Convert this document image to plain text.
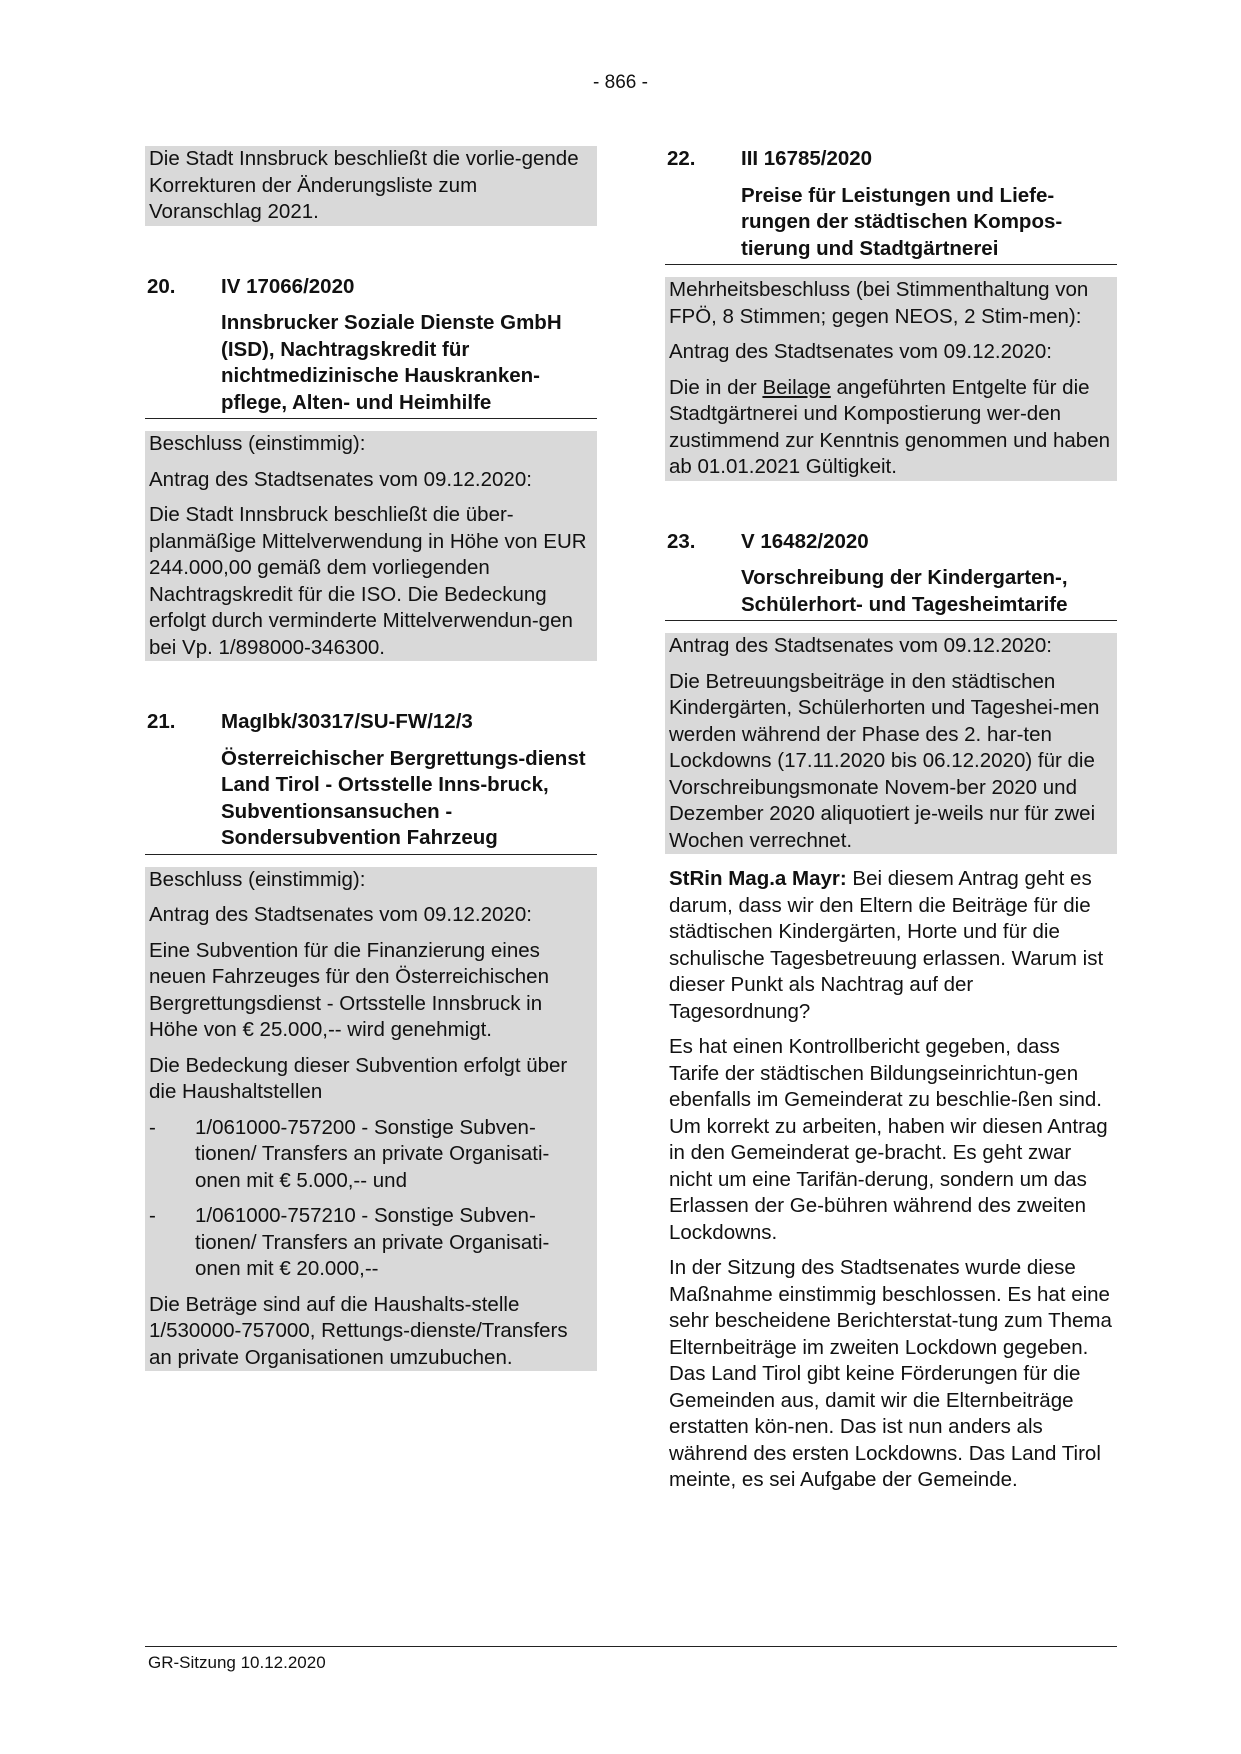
- 866 -

Die Stadt Innsbruck beschließt die vorlie-gende Korrekturen der Änderungsliste zum Voranschlag 2021.

20.	IV 17066/2020
Innsbrucker Soziale Dienste GmbH (ISD), Nachtragskredit für nichtmedizinische Hauskranken-pflege, Alten- und Heimhilfe

Beschluss (einstimmig):

Antrag des Stadtsenates vom 09.12.2020:

Die Stadt Innsbruck beschließt die über-planmäßige Mittelverwendung in Höhe von EUR 244.000,00 gemäß dem vorliegenden Nachtragskredit für die ISO. Die Bedeckung erfolgt durch verminderte Mittelverwendun-gen bei Vp. 1/898000-346300.

21.	MagIbk/30317/SU-FW/12/3
Österreichischer Bergrettungs-dienst Land Tirol - Ortsstelle Inns-bruck, Subventionsansuchen - Sondersubvention Fahrzeug

Beschluss (einstimmig):

Antrag des Stadtsenates vom 09.12.2020:

Eine Subvention für die Finanzierung eines neuen Fahrzeuges für den Österreichischen Bergrettungsdienst - Ortsstelle Innsbruck in Höhe von € 25.000,-- wird genehmigt.

Die Bedeckung dieser Subvention erfolgt über die Haushaltstellen

-	1/061000-757200 - Sonstige Subven-tionen/ Transfers an private Organisati-onen mit € 5.000,-- und
-	1/061000-757210 - Sonstige Subven-tionen/ Transfers an private Organisati-onen mit € 20.000,--

Die Beträge sind auf die Haushalts-stelle 1/530000-757000, Rettungs-dienste/Transfers an private Organisationen umzubuchen.

22.	III 16785/2020
Preise für Leistungen und Liefe-rungen der städtischen Kompos-tierung und Stadtgärtnerei

Mehrheitsbeschluss (bei Stimmenthaltung von FPÖ, 8 Stimmen; gegen NEOS, 2 Stim-men):

Antrag des Stadtsenates vom 09.12.2020:

Die in der Beilage angeführten Entgelte für die Stadtgärtnerei und Kompostierung wer-den zustimmend zur Kenntnis genommen und haben ab 01.01.2021 Gültigkeit.

23.	V 16482/2020
Vorschreibung der Kindergarten-, Schülerhort- und Tagesheimtarife

Antrag des Stadtsenates vom 09.12.2020:

Die Betreuungsbeiträge in den städtischen Kindergärten, Schülerhorten und Tageshei-men werden während der Phase des 2. har-ten Lockdowns (17.11.2020 bis 06.12.2020) für die Vorschreibungsmonate Novem-ber 2020 und Dezember 2020 aliquotiert je-weils nur für zwei Wochen verrechnet.

StRin Mag.a Mayr: Bei diesem Antrag geht es darum, dass wir den Eltern die Beiträge für die städtischen Kindergärten, Horte und für die schulische Tagesbetreuung erlassen. Warum ist dieser Punkt als Nachtrag auf der Tagesordnung?

Es hat einen Kontrollbericht gegeben, dass Tarife der städtischen Bildungseinrichtun-gen ebenfalls im Gemeinderat zu beschlie-ßen sind. Um korrekt zu arbeiten, haben wir diesen Antrag in den Gemeinderat ge-bracht. Es geht zwar nicht um eine Tarifän-derung, sondern um das Erlassen der Ge-bühren während des zweiten Lockdowns.

In der Sitzung des Stadtsenates wurde diese Maßnahme einstimmig beschlossen. Es hat eine sehr bescheidene Berichterstat-tung zum Thema Elternbeiträge im zweiten Lockdown gegeben. Das Land Tirol gibt keine Förderungen für die Gemeinden aus, damit wir die Elternbeiträge erstatten kön-nen. Das ist nun anders als während des ersten Lockdowns. Das Land Tirol meinte, es sei Aufgabe der Gemeinde.

GR-Sitzung 10.12.2020
